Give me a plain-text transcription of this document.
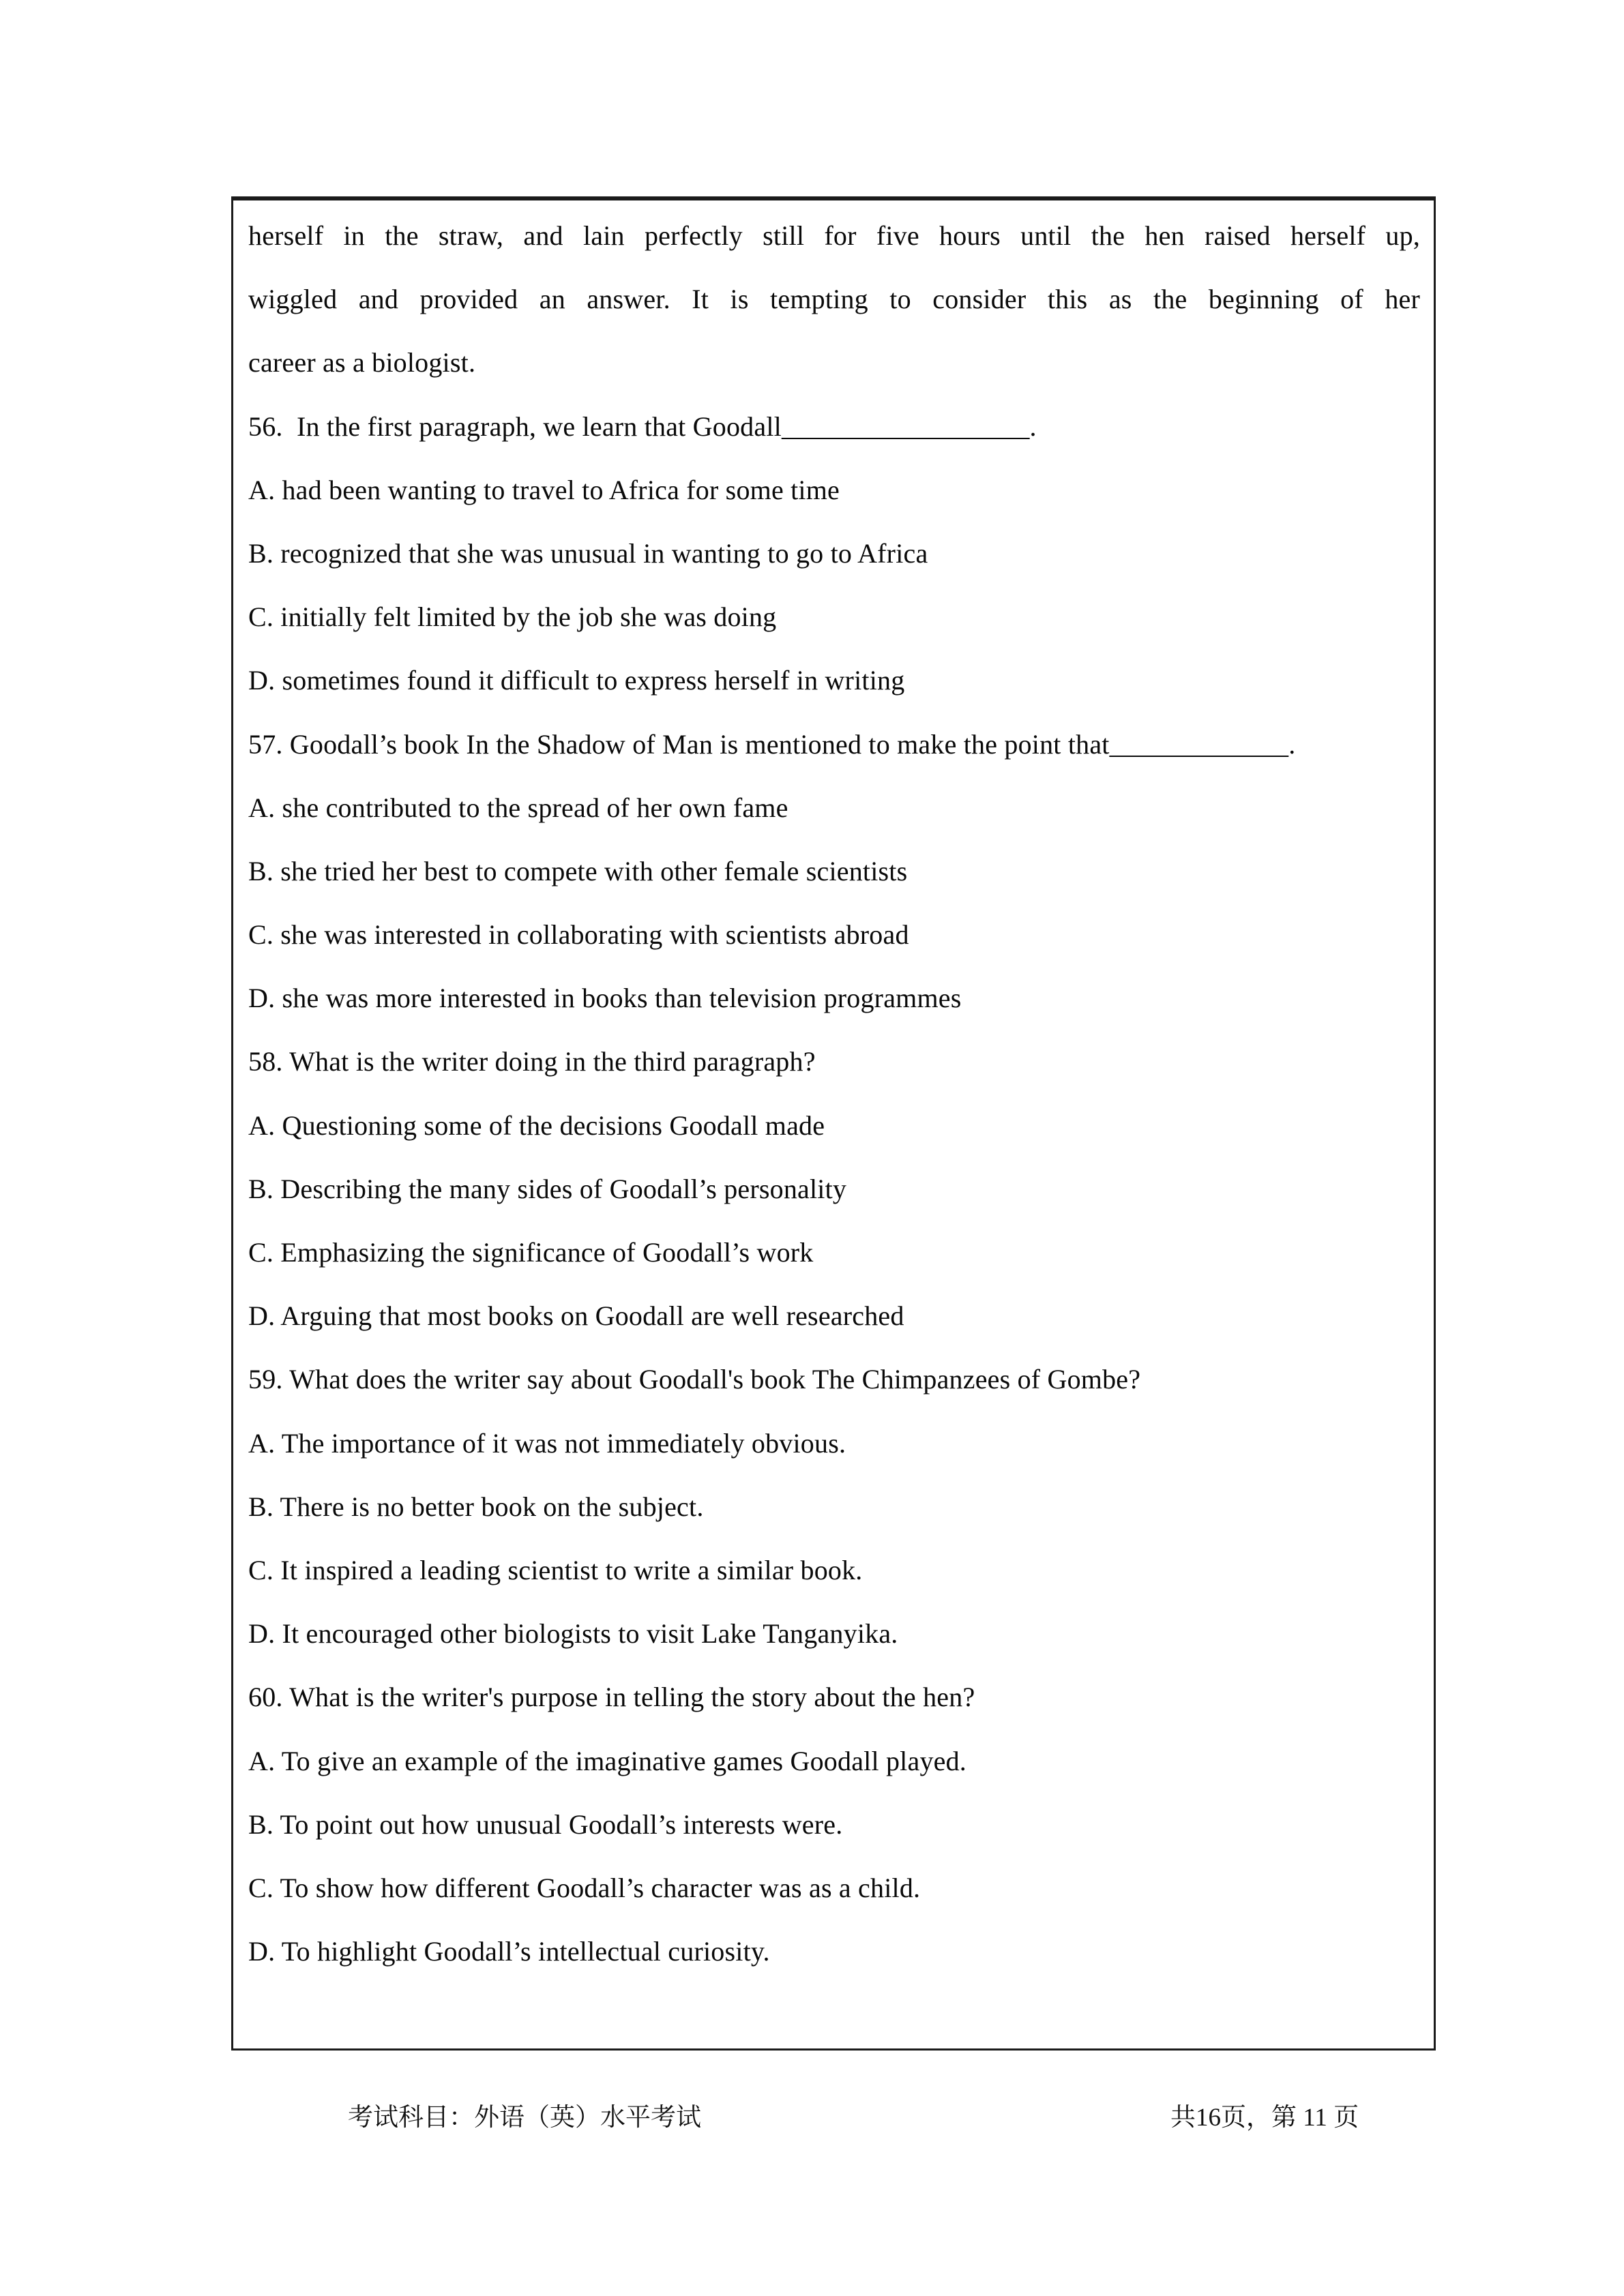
herself in the straw, and lain perfectly still for five hours until the hen raised herself up,
wiggled and provided an answer. It is tempting to consider this as the beginning of her
career as a biologist.
56.  In the first paragraph, we learn that Goodall__________________.
A. had been wanting to travel to Africa for some time
B. recognized that she was unusual in wanting to go to Africa
C. initially felt limited by the job she was doing
D. sometimes found it difficult to express herself in writing
57. Goodall’s book In the Shadow of Man is mentioned to make the point that_____________.
A. she contributed to the spread of her own fame
B. she tried her best to compete with other female scientists
C. she was interested in collaborating with scientists abroad
D. she was more interested in books than television programmes
58. What is the writer doing in the third paragraph?
A. Questioning some of the decisions Goodall made
B. Describing the many sides of Goodall’s personality
C. Emphasizing the significance of Goodall’s work
D. Arguing that most books on Goodall are well researched
59. What does the writer say about Goodall's book The Chimpanzees of Gombe?
A. The importance of it was not immediately obvious.
B. There is no better book on the subject.
C. It inspired a leading scientist to write a similar book.
D. It encouraged other biologists to visit Lake Tanganyika.
60. What is the writer's purpose in telling the story about the hen?
A. To give an example of the imaginative games Goodall played.
B. To point out how unusual Goodall’s interests were.
C. To show how different Goodall’s character was as a child.
D. To highlight Goodall’s intellectual curiosity.
考试科目：外语（英）水平考试	共16页，第 11 页
